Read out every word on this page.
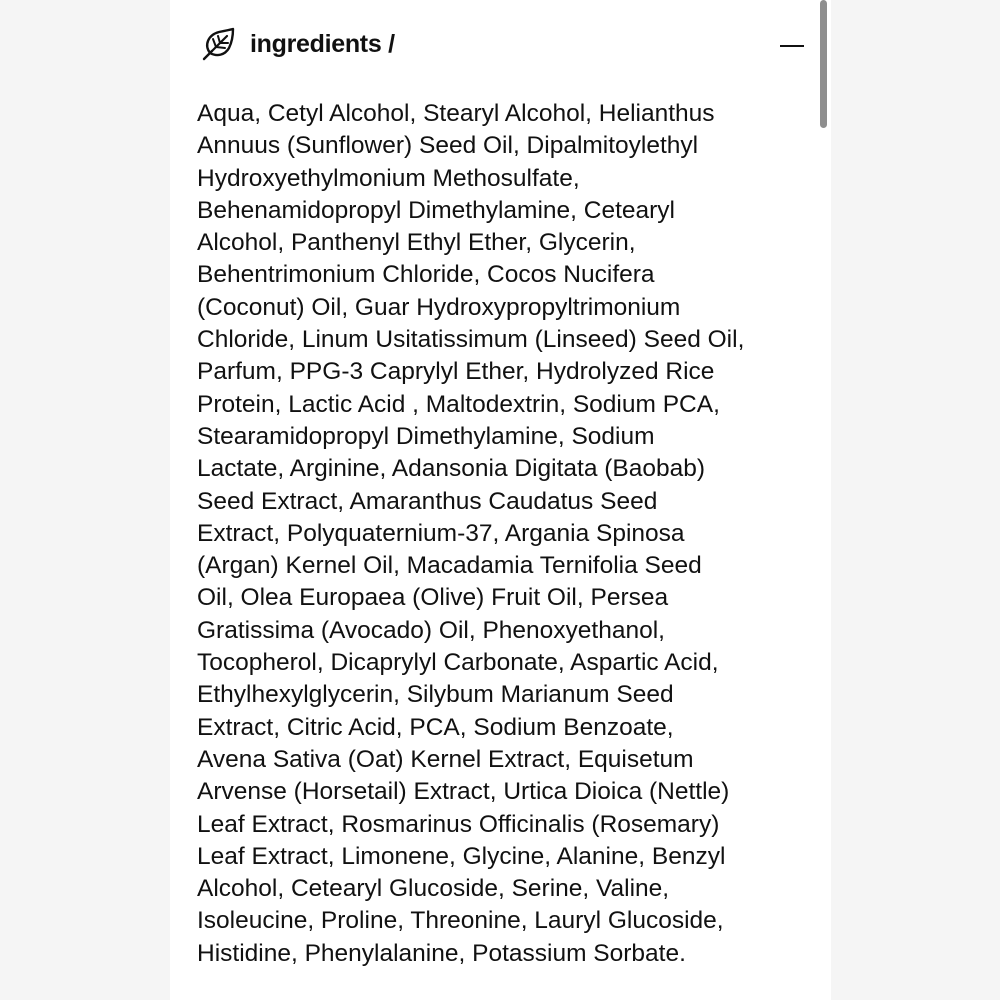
ingredients /
Aqua, Cetyl Alcohol, Stearyl Alcohol, Helianthus
Annuus (Sunflower) Seed Oil, Dipalmitoylethyl
Hydroxyethylmonium Methosulfate,
Behenamidopropyl Dimethylamine, Cetearyl
Alcohol, Panthenyl Ethyl Ether, Glycerin,
Behentrimonium Chloride, Cocos Nucifera
(Coconut) Oil, Guar Hydroxypropyltrimonium
Chloride, Linum Usitatissimum (Linseed) Seed Oil,
Parfum, PPG-3 Caprylyl Ether, Hydrolyzed Rice
Protein, Lactic Acid , Maltodextrin, Sodium PCA,
Stearamidopropyl Dimethylamine, Sodium
Lactate, Arginine, Adansonia Digitata (Baobab)
Seed Extract, Amaranthus Caudatus Seed
Extract, Polyquaternium-37, Argania Spinosa
(Argan) Kernel Oil, Macadamia Ternifolia Seed
Oil, Olea Europaea (Olive) Fruit Oil, Persea
Gratissima (Avocado) Oil, Phenoxyethanol,
Tocopherol, Dicaprylyl Carbonate, Aspartic Acid,
Ethylhexylglycerin, Silybum Marianum Seed
Extract, Citric Acid, PCA, Sodium Benzoate,
Avena Sativa (Oat) Kernel Extract, Equisetum
Arvense (Horsetail) Extract, Urtica Dioica (Nettle)
Leaf Extract, Rosmarinus Officinalis (Rosemary)
Leaf Extract, Limonene, Glycine, Alanine, Benzyl
Alcohol, Cetearyl Glucoside, Serine, Valine,
Isoleucine, Proline, Threonine, Lauryl Glucoside,
Histidine, Phenylalanine, Potassium Sorbate.
